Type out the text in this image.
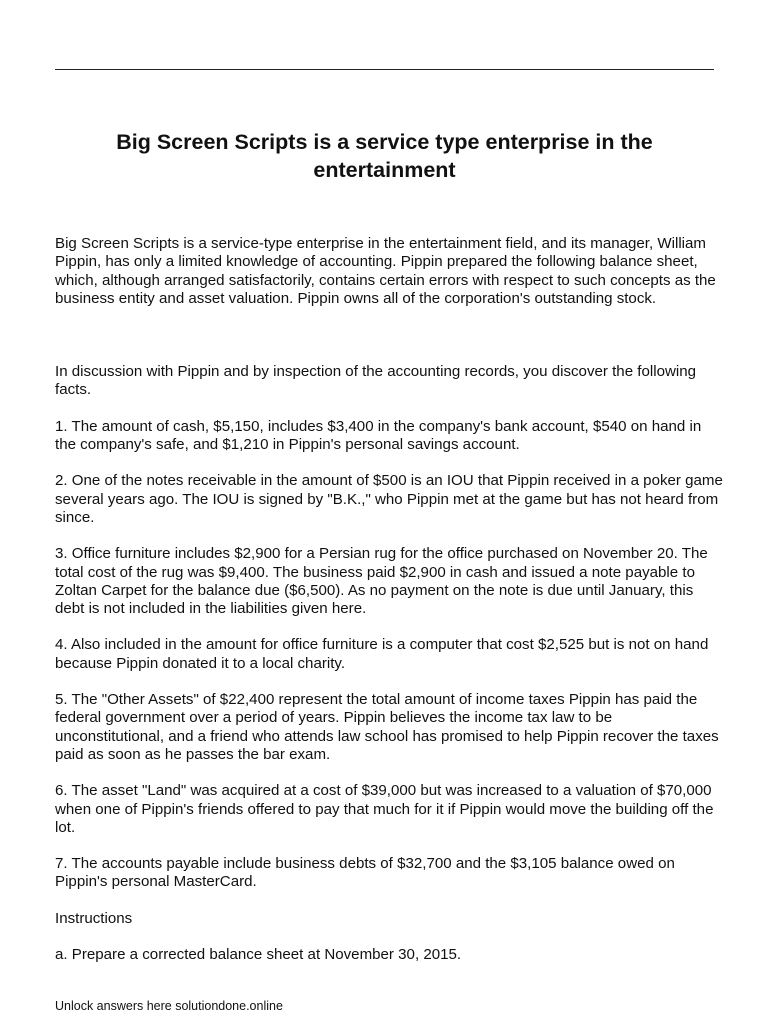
Big Screen Scripts is a service type enterprise in the entertainment

Big Screen Scripts is a service-type enterprise in the entertainment field, and its manager, William Pippin, has only a limited knowledge of accounting. Pippin prepared the following balance sheet, which, although arranged satisfactorily, contains certain errors with respect to such concepts as the business entity and asset valuation. Pippin owns all of the corporation's outstanding stock.

In discussion with Pippin and by inspection of the accounting records, you discover the following facts.

1. The amount of cash, $5,150, includes $3,400 in the company's bank account, $540 on hand in the company's safe, and $1,210 in Pippin's personal savings account.

2. One of the notes receivable in the amount of $500 is an IOU that Pippin received in a poker game several years ago. The IOU is signed by "B.K.," who Pippin met at the game but has not heard from since.

3. Office furniture includes $2,900 for a Persian rug for the office purchased on November 20. The total cost of the rug was $9,400. The business paid $2,900 in cash and issued a note payable to Zoltan Carpet for the balance due ($6,500). As no payment on the note is due until January, this debt is not included in the liabilities given here.

4. Also included in the amount for office furniture is a computer that cost $2,525 but is not on hand because Pippin donated it to a local charity.

5. The "Other Assets" of $22,400 represent the total amount of income taxes Pippin has paid the federal government over a period of years. Pippin believes the income tax law to be unconstitutional, and a friend who attends law school has promised to help Pippin recover the taxes paid as soon as he passes the bar exam.

6. The asset "Land" was acquired at a cost of $39,000 but was increased to a valuation of $70,000 when one of Pippin's friends offered to pay that much for it if Pippin would move the building off the lot.

7. The accounts payable include business debts of $32,700 and the $3,105 balance owed on Pippin's personal MasterCard.

Instructions

a. Prepare a corrected balance sheet at November 30, 2015.

Unlock answers here solutiondone.online
